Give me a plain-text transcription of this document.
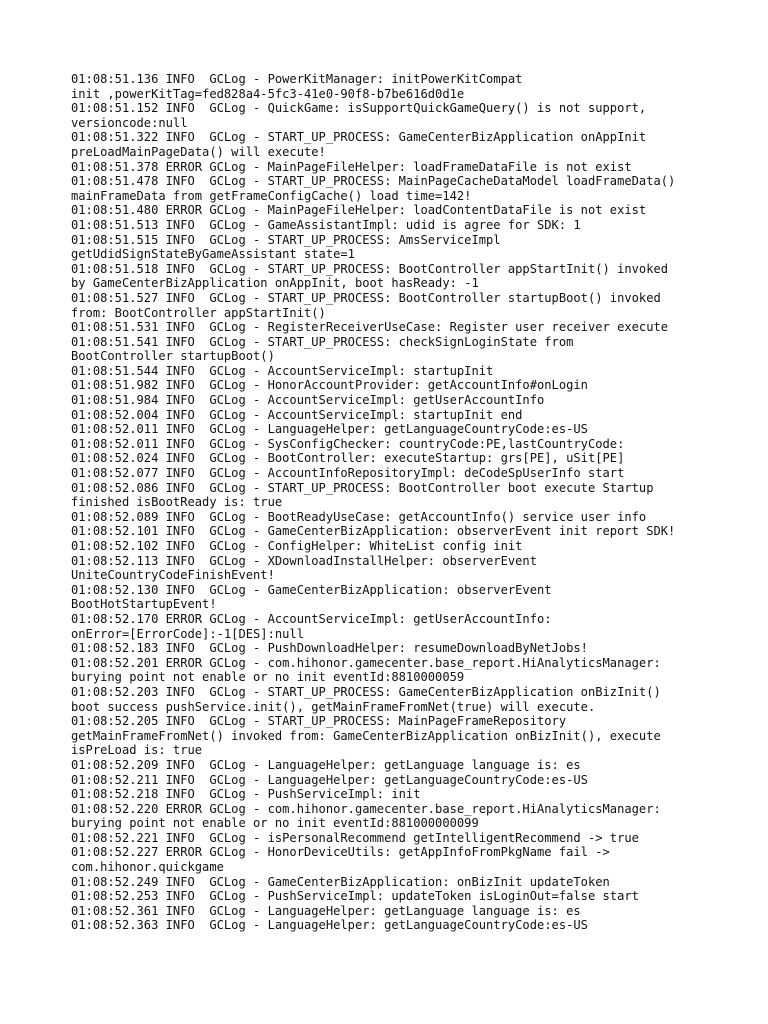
01:08:51.136 INFO  GCLog - PowerKitManager: initPowerKitCompat
init ,powerKitTag=fed828a4-5fc3-41e0-90f8-b7be616d0d1e
01:08:51.152 INFO  GCLog - QuickGame: isSupportQuickGameQuery() is not support,
versioncode:null
01:08:51.322 INFO  GCLog - START_UP_PROCESS: GameCenterBizApplication onAppInit
preLoadMainPageData() will execute!
01:08:51.378 ERROR GCLog - MainPageFileHelper: loadFrameDataFile is not exist
01:08:51.478 INFO  GCLog - START_UP_PROCESS: MainPageCacheDataModel loadFrameData()
mainFrameData from getFrameConfigCache() load time=142!
01:08:51.480 ERROR GCLog - MainPageFileHelper: loadContentDataFile is not exist
01:08:51.513 INFO  GCLog - GameAssistantImpl: udid is agree for SDK: 1
01:08:51.515 INFO  GCLog - START_UP_PROCESS: AmsServiceImpl
getUdidSignStateByGameAssistant state=1
01:08:51.518 INFO  GCLog - START_UP_PROCESS: BootController appStartInit() invoked
by GameCenterBizApplication onAppInit, boot hasReady: -1
01:08:51.527 INFO  GCLog - START_UP_PROCESS: BootController startupBoot() invoked
from: BootController appStartInit()
01:08:51.531 INFO  GCLog - RegisterReceiverUseCase: Register user receiver execute
01:08:51.541 INFO  GCLog - START_UP_PROCESS: checkSignLoginState from
BootController startupBoot()
01:08:51.544 INFO  GCLog - AccountServiceImpl: startupInit
01:08:51.982 INFO  GCLog - HonorAccountProvider: getAccountInfo#onLogin
01:08:51.984 INFO  GCLog - AccountServiceImpl: getUserAccountInfo
01:08:52.004 INFO  GCLog - AccountServiceImpl: startupInit end
01:08:52.011 INFO  GCLog - LanguageHelper: getLanguageCountryCode:es-US
01:08:52.011 INFO  GCLog - SysConfigChecker: countryCode:PE,lastCountryCode:
01:08:52.024 INFO  GCLog - BootController: executeStartup: grs[PE], uSit[PE]
01:08:52.077 INFO  GCLog - AccountInfoRepositoryImpl: deCodeSpUserInfo start
01:08:52.086 INFO  GCLog - START_UP_PROCESS: BootController boot execute Startup
finished isBootReady is: true
01:08:52.089 INFO  GCLog - BootReadyUseCase: getAccountInfo() service user info
01:08:52.101 INFO  GCLog - GameCenterBizApplication: observerEvent init report SDK!
01:08:52.102 INFO  GCLog - ConfigHelper: WhiteList config init
01:08:52.113 INFO  GCLog - XDownloadInstallHelper: observerEvent
UniteCountryCodeFinishEvent!
01:08:52.130 INFO  GCLog - GameCenterBizApplication: observerEvent
BootHotStartupEvent!
01:08:52.170 ERROR GCLog - AccountServiceImpl: getUserAccountInfo:
onError=[ErrorCode]:-1[DES]:null
01:08:52.183 INFO  GCLog - PushDownloadHelper: resumeDownloadByNetJobs!
01:08:52.201 ERROR GCLog - com.hihonor.gamecenter.base_report.HiAnalyticsManager:
burying point not enable or no init eventId:8810000059
01:08:52.203 INFO  GCLog - START_UP_PROCESS: GameCenterBizApplication onBizInit()
boot success pushService.init(), getMainFrameFromNet(true) will execute.
01:08:52.205 INFO  GCLog - START_UP_PROCESS: MainPageFrameRepository
getMainFrameFromNet() invoked from: GameCenterBizApplication onBizInit(), execute
isPreLoad is: true
01:08:52.209 INFO  GCLog - LanguageHelper: getLanguage language is: es
01:08:52.211 INFO  GCLog - LanguageHelper: getLanguageCountryCode:es-US
01:08:52.218 INFO  GCLog - PushServiceImpl: init
01:08:52.220 ERROR GCLog - com.hihonor.gamecenter.base_report.HiAnalyticsManager:
burying point not enable or no init eventId:881000000099
01:08:52.221 INFO  GCLog - isPersonalRecommend getIntelligentRecommend -> true
01:08:52.227 ERROR GCLog - HonorDeviceUtils: getAppInfoFromPkgName fail ->
com.hihonor.quickgame
01:08:52.249 INFO  GCLog - GameCenterBizApplication: onBizInit updateToken
01:08:52.253 INFO  GCLog - PushServiceImpl: updateToken isLoginOut=false start
01:08:52.361 INFO  GCLog - LanguageHelper: getLanguage language is: es
01:08:52.363 INFO  GCLog - LanguageHelper: getLanguageCountryCode:es-US
